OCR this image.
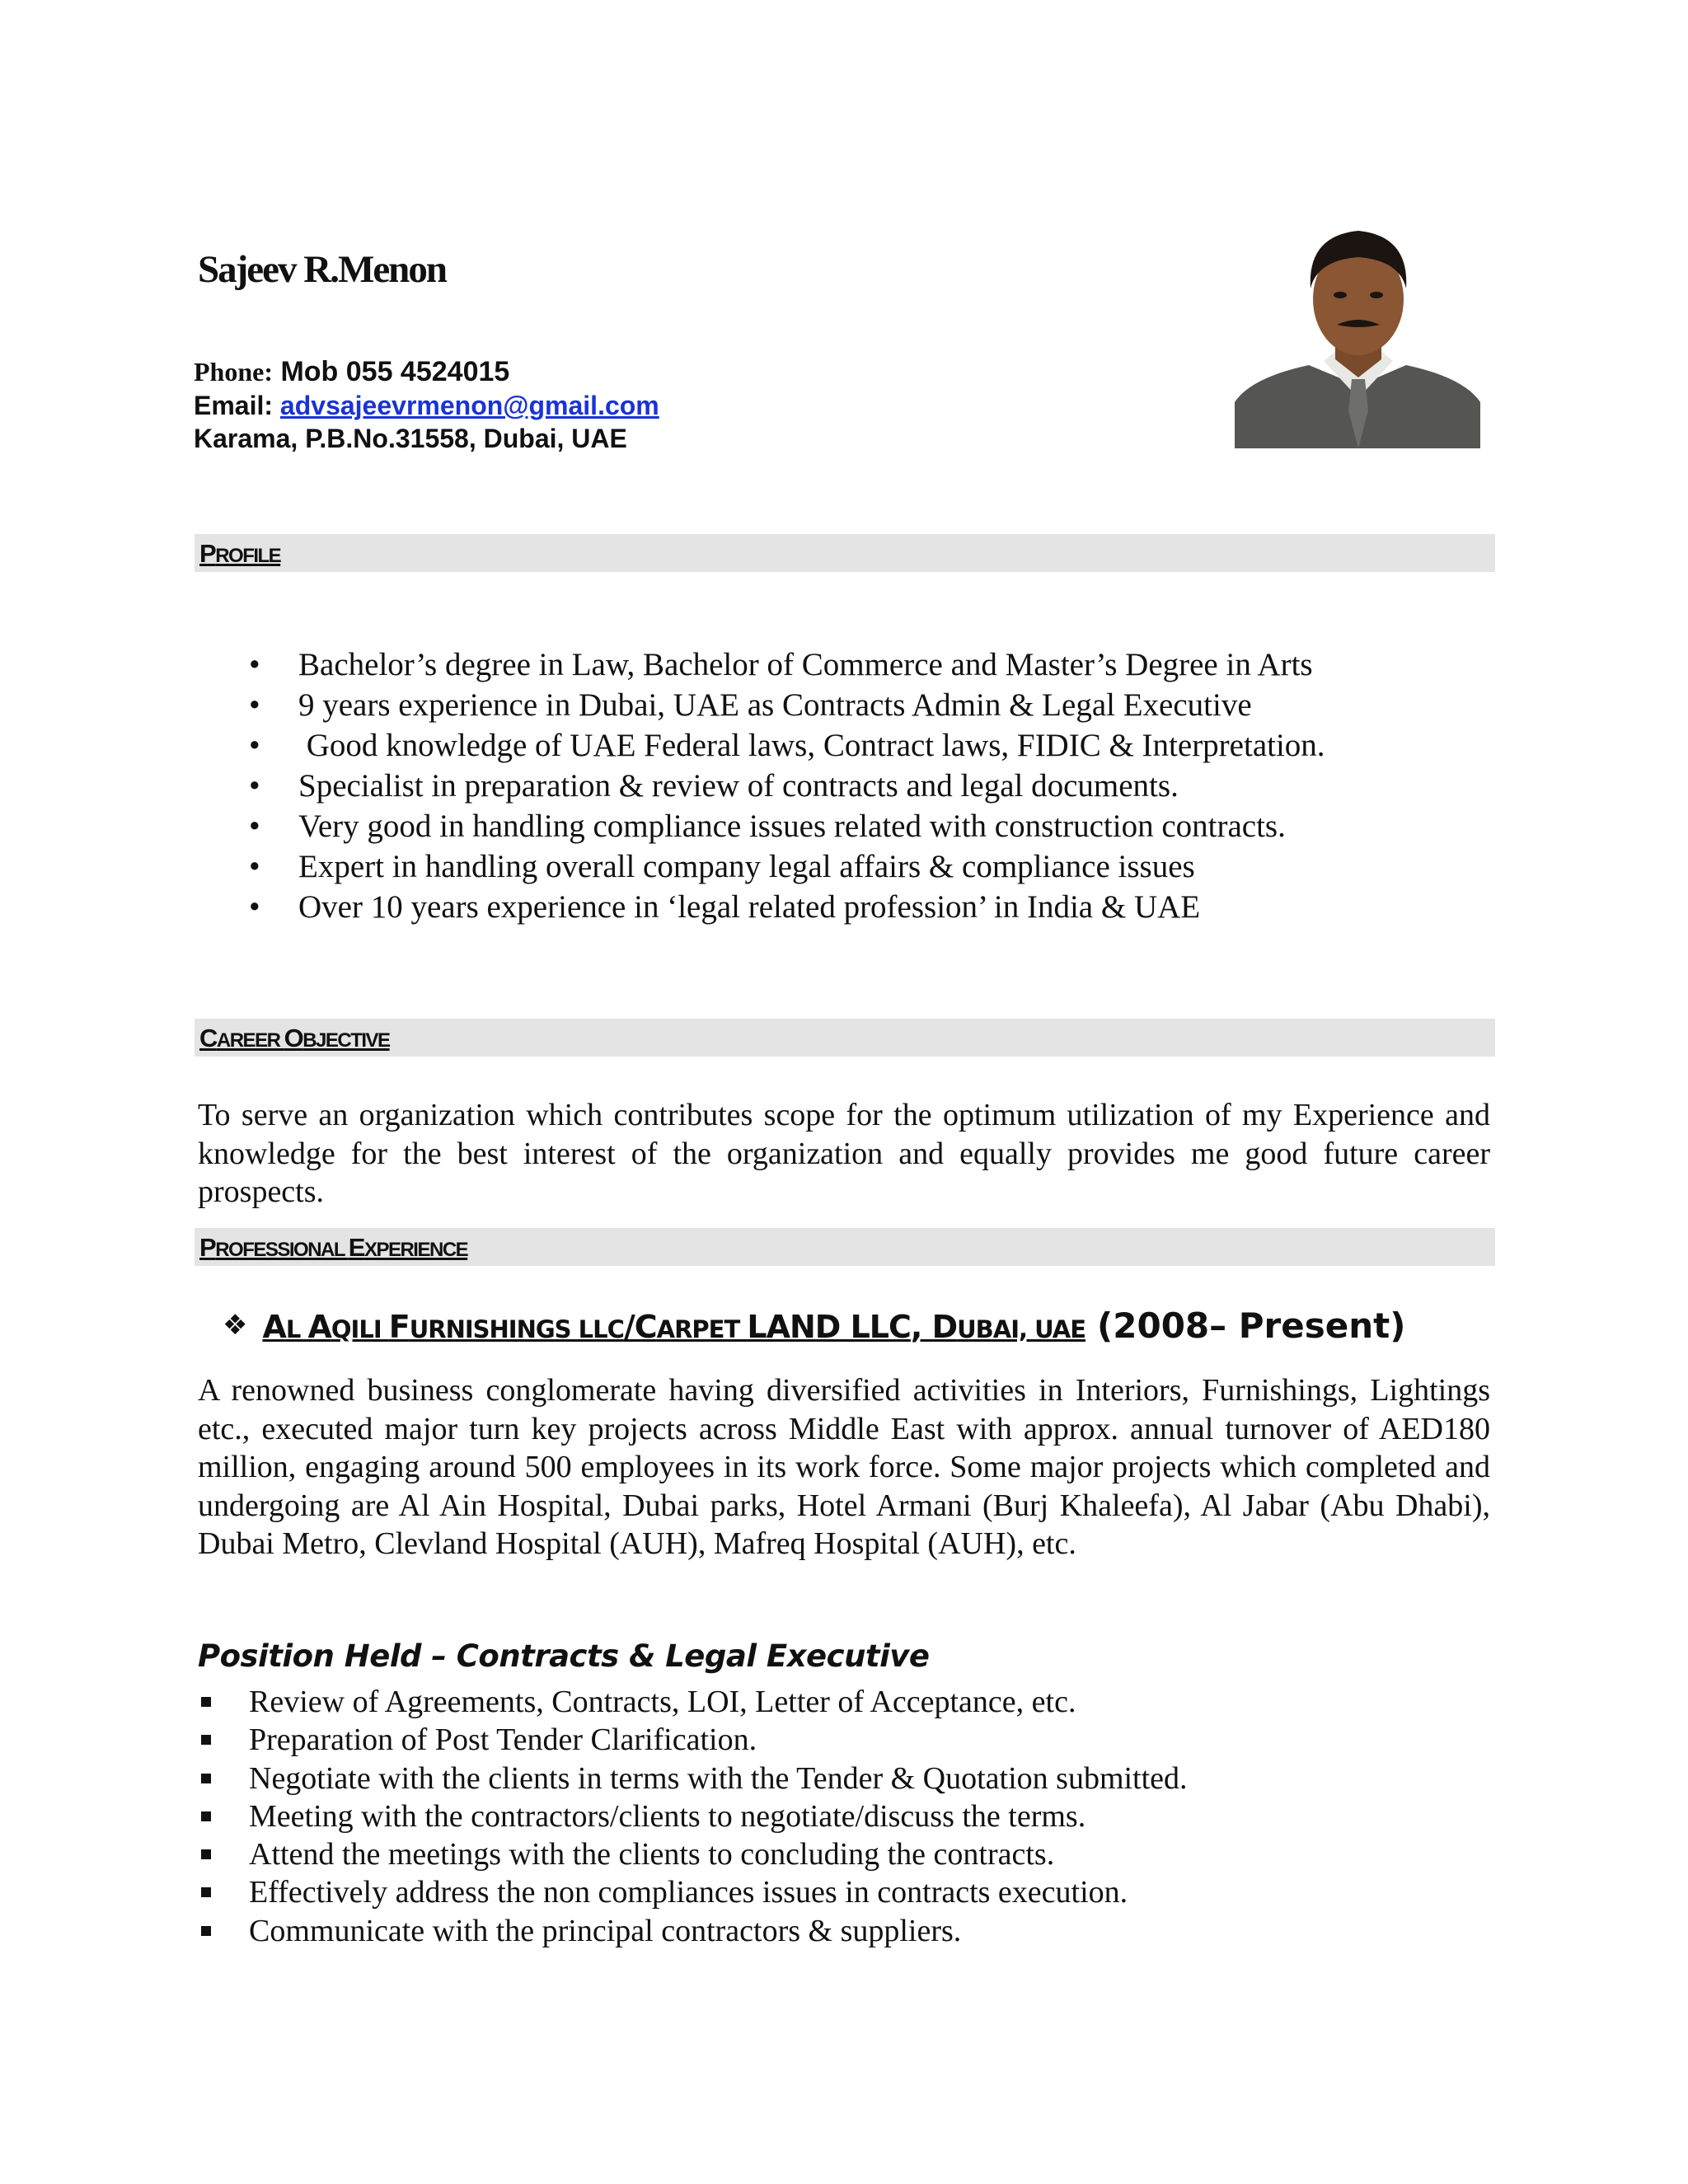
Sajeev R.Menon
Phone: Mob 055 4524015
Email: advsajeevrmenon@gmail.com
Karama, P.B.No.31558, Dubai, UAE
PROFILE
• Bachelor’s degree in Law, Bachelor of Commerce and Master’s Degree in Arts
• 9 years experience in Dubai, UAE as Contracts Admin & Legal Executive
• Good knowledge of UAE Federal laws, Contract laws, FIDIC & Interpretation.
• Specialist in preparation & review of contracts and legal documents.
• Very good in handling compliance issues related with construction contracts.
• Expert in handling overall company legal affairs & compliance issues
• Over 10 years experience in ‘legal related profession’ in India & UAE
CAREER OBJECTIVE

To serve an organization which contributes scope for the optimum utilization of my Experience and knowledge for the best interest of the organization and equally provides me good future career prospects.

PROFESSIONAL EXPERIENCE
❖ AL AQILI FURNISHINGS LLC/CARPET LAND LLC, DUBAI, UAE (2008– Present)

A renowned business conglomerate having diversified activities in Interiors, Furnishings, Lightings etc., executed major turn key projects across Middle East with approx. annual turnover of AED180 million, engaging around 500 employees in its work force. Some major projects which completed and undergoing are Al Ain Hospital, Dubai parks, Hotel Armani (Burj Khaleefa), Al Jabar (Abu Dhabi), Dubai Metro, Clevland Hospital (AUH), Mafreq Hospital (AUH), etc.

Position Held – Contracts & Legal Executive
Review of Agreements, Contracts, LOI, Letter of Acceptance, etc.
Preparation of Post Tender Clarification.
Negotiate with the clients in terms with the Tender & Quotation submitted.
Meeting with the contractors/clients to negotiate/discuss the terms.
Attend the meetings with the clients to concluding the contracts.
Effectively address the non compliances issues in contracts execution.
Communicate with the principal contractors & suppliers.
